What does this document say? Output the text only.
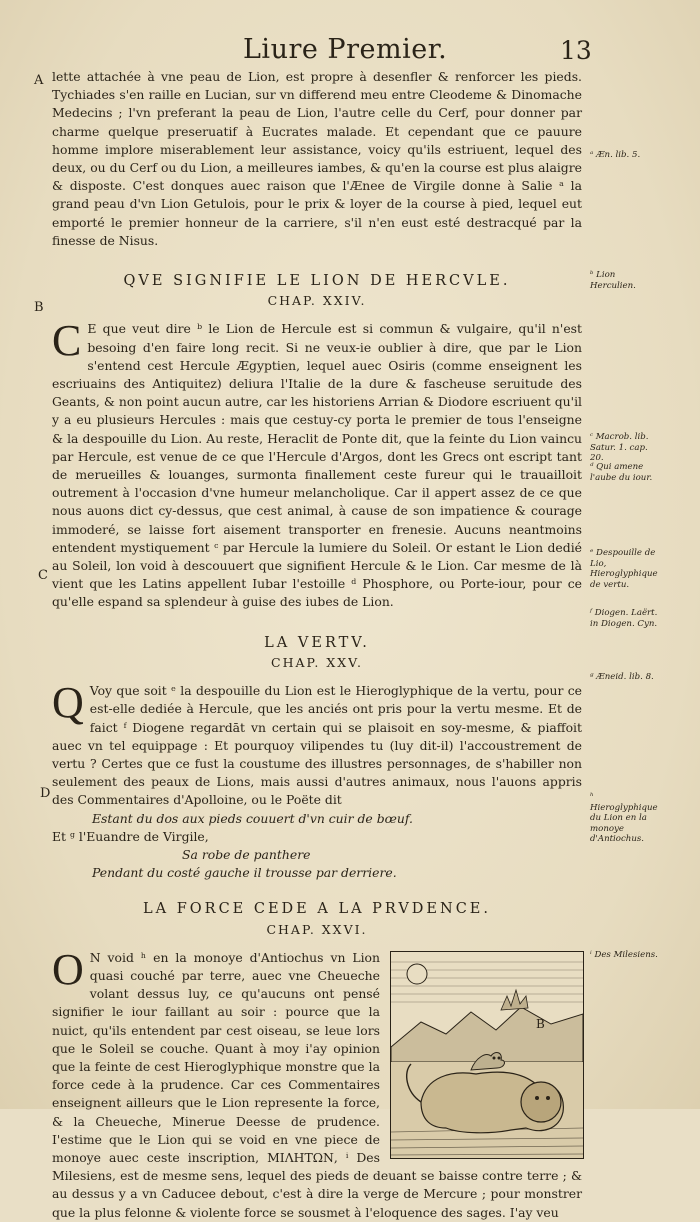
Liure Premier.	13
A
B
C
D

lette attachée à vne peau de Lion, est propre à desenfler & renforcer les pieds. Tychiades s'en raille en Lucian, sur vn differend meu entre Cleodeme & Dinomache Medecins ; l'vn preferant la peau de Lion, l'autre celle du Cerf, pour donner par charme quelque preseruatif à Eucrates malade. Et cependant que ce pauure homme implore miserablement leur assistance, voicy qu'ils estriuent, lequel des deux, ou du Cerf ou du Lion, a meilleures iambes, & qu'en la course est plus alaigre & disposte. C'est donques auec raison que l'Ænee de Virgile donne à Salie ᵃ la grand peau d'vn Lion Getulois, pour le prix & loyer de la course à pied, lequel eut emporté le premier honneur de la carriere, s'il n'en eust esté destracqué par la finesse de Nisus.

QVE SIGNIFIE LE LION DE HERCVLE.
CHAP. XXIV.

C E que veut dire ᵇ le Lion de Hercule est si commun & vulgaire, qu'il n'est besoing d'en faire long recit. Si ne veux-ie oublier à dire, que par le Lion s'entend cest Hercule Ægyptien, lequel auec Osiris (comme enseignent les escriuains des Antiquitez) deliura l'Italie de la dure & fascheuse seruitude des Geants, & non point aucun autre, car les historiens Arrian & Diodore escriuent qu'il y a eu plusieurs Hercules : mais que cestuy-cy porta le premier de tous l'enseigne & la despouille du Lion. Au reste, Heraclit de Ponte dit, que la feinte du Lion vaincu par Hercule, est venue de ce que l'Hercule d'Argos, dont les Grecs ont escript tant de merueilles & louanges, surmonta finallement ceste fureur qui le trauailloit outrement à l'occasion d'vne humeur melancholique. Car il appert assez de ce que nous auons dict cy-dessus, que cest animal, à cause de son impatience & courage immoderé, se laisse fort aisement transporter en frenesie. Aucuns neantmoins entendent mystiquement ᶜ par Hercule la lumiere du Soleil. Or estant le Lion dedié au Soleil, lon void à descouuert que signifient Hercule & le Lion. Car mesme de là vient que les Latins appellent Iubar l'estoille ᵈ Phosphore, ou Porte-iour, pour ce qu'elle espand sa splendeur à guise des iubes de Lion.

LA VERTV.
CHAP. XXV.

Q Voy que soit ᵉ la despouille du Lion est le Hieroglyphique de la vertu, pour ce est-elle dediée à Hercule, que les anciés ont pris pour la vertu mesme. Et de faict ᶠ Diogene regardāt vn certain qui se plaisoit en soy-mesme, & piaffoit auec vn tel equippage : Et pourquoy vilipendes tu (luy dit-il) l'accoustrement de vertu ? Certes que ce fust la coustume des illustres personnages, de s'habiller non seulement des peaux de Lions, mais aussi d'autres animaux, nous l'auons appris des Commentaires d'Apolloine, ou le Poëte dit

Estant du dos aux pieds couuert d'vn cuir de bœuf.

Et ᵍ l'Euandre de Virgile,

Sa robe de panthere

Pendant du costé gauche il trousse par derriere.

LA FORCE CEDE A LA PRVDENCE.
CHAP. XXVI.

O N void ʰ en la monoye d'Antiochus vn Lion quasi couché par terre, auec vne Cheueche volant dessus luy, ce qu'aucuns ont pensé signifier le iour faillant au soir : pource que la nuict, qu'ils entendent par cest oiseau, se leue lors que le Soleil se couche. Quant à moy i'ay opinion que la feinte de cest Hieroglyphique monstre que la force cede à la prudence. Car ces Commentaires enseignent ailleurs que le Lion represente la force, & la Cheueche, Minerue Deesse de prudence. I'estime que le Lion qui se void en vne piece de monoye auec ceste inscription, ΜΙΛΗΤΩΝ, ⁱ Des Milesiens, est de mesme sens, lequel des pieds de deuant se baisse contre terre ; & au dessus y a vn Caducee debout, c'est à dire la verge de Mercure ; pour monstrer que la plus felonne & violente force se sousmet à l'eloquence des sages. I'ay veu

ᵃ Æn. lib. 5.
ᵇ Lion Herculien.
ᶜ Macrob. lib. Satur. 1. cap. 20.
ᵈ Qui amene l'aube du iour.
ᵉ Despouille de Lio, Hieroglyphique de vertu.
ᶠ Diogen. Laërt. in Diogen. Cyn.
ᵍ Æneid. lib. 8.
ʰ Hieroglyphique du Lion en la monoye d'Antiochus.
ⁱ Des Milesiens.
B
